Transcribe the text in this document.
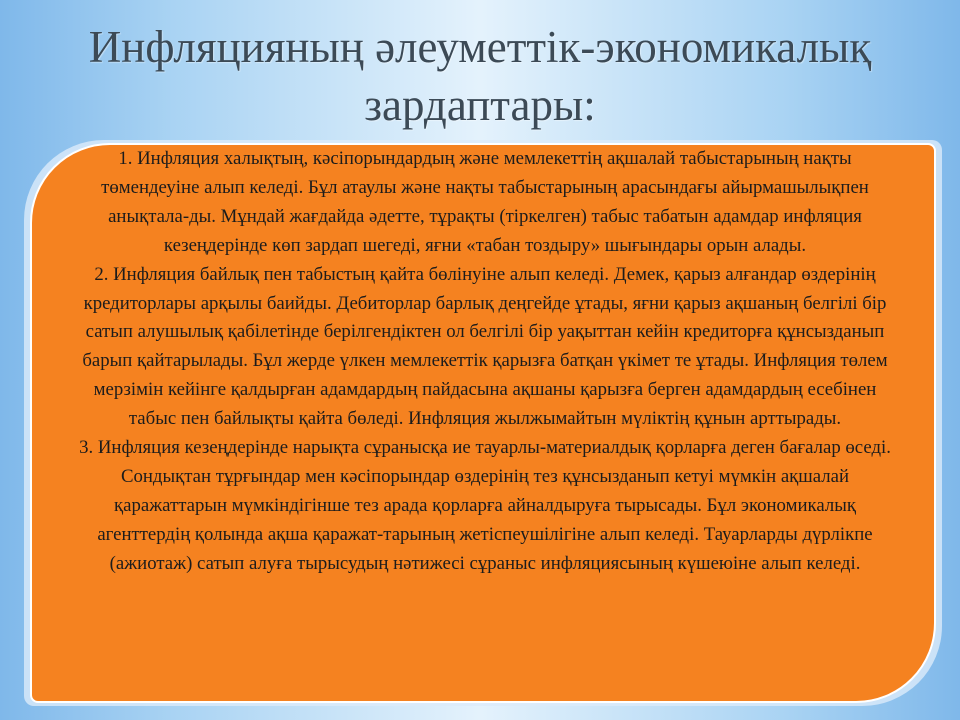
Инфляцияның әлеуметтік-экономикалық зардаптары:

1. Инфляция халықтың, кәсіпорындардың және мемлекеттің ақшалай табыстарының нақты төмендеуіне алып келеді. Бұл атаулы және нақты табыстарының арасындағы айырмашылықпен анықтала-ды. Мұндай жағдайда әдетте, тұрақты (тіркелген) табыс табатын адамдар инфляция кезеңдерінде көп зардап шегеді, яғни «табан тоздыру» шығындары орын алады.

2. Инфляция байлық пен табыстың қайта бөлінуіне алып келеді. Демек, қарыз алғандар өздерінің кредиторлары арқылы баийды. Дебиторлар барлық деңгейде ұтады, яғни қарыз ақшаның белгілі бір сатып алушылық қабілетінде берілгендіктен ол белгілі бір уақыттан кейін кредиторға құнсызданып барып қайтарылады. Бұл жерде үлкен мемлекеттік қарызға батқан үкімет те ұтады. Инфляция төлем мерзімін кейінге қалдырған адамдардың пайдасына ақшаны қарызға берген адамдардың есебінен табыс пен байлықты қайта бөледі. Инфляция жылжымайтын мүліктің құнын арттырады.

3. Инфляция кезеңдерінде нарықта сұранысқа ие тауарлы-материалдық қорларға деген бағалар өседі. Сондықтан тұрғындар мен кәсіпорындар өздерінің тез құнсызданып кетуі мүмкін ақшалай қаражаттарын мүмкіндігінше тез арада қорларға айналдыруға тырысады. Бұл экономикалық агенттердің қолында ақша қаражат-тарының жетіспеушілігіне алып келеді. Тауарларды дүрлікпе (ажиотаж) сатып алуға тырысудың нәтижесі сұраныс инфляциясының күшеюіне алып келеді.
